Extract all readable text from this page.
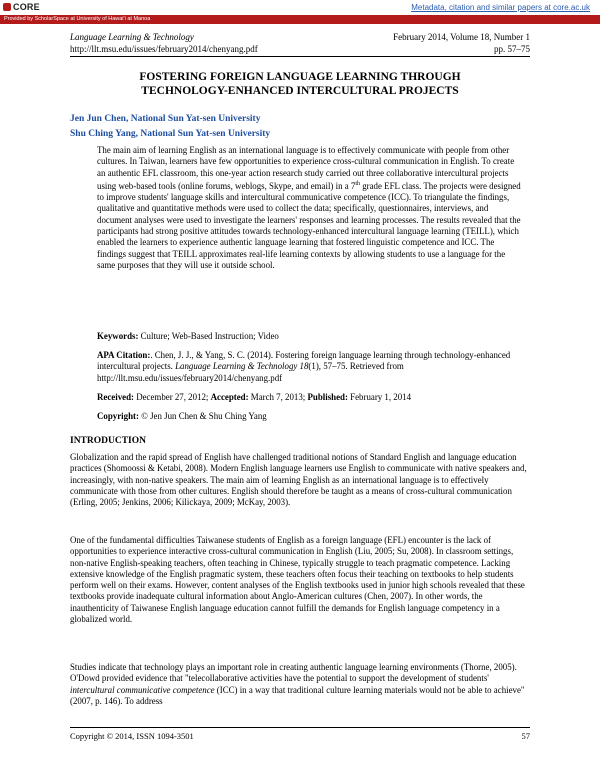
CORE	Metadata, citation and similar papers at core.ac.uk
Provided by ScholarSpace at University of Hawai'i at Manoa
Language Learning & Technology
http://llt.msu.edu/issues/february2014/chenyang.pdf
February 2014, Volume 18, Number 1
pp. 57–75
FOSTERING FOREIGN LANGUAGE LEARNING THROUGH
TECHNOLOGY-ENHANCED INTERCULTURAL PROJECTS
Jen Jun Chen, National Sun Yat-sen University
Shu Ching Yang, National Sun Yat-sen University
The main aim of learning English as an international language is to effectively communicate with people from other cultures. In Taiwan, learners have few opportunities to experience cross-cultural communication in English. To create an authentic EFL classroom, this one-year action research study carried out three collaborative intercultural projects using web-based tools (online forums, weblogs, Skype, and email) in a 7th grade EFL class. The projects were designed to improve students' language skills and intercultural communicative competence (ICC). To triangulate the findings, qualitative and quantitative methods were used to collect the data; specifically, questionnaires, interviews, and document analyses were used to investigate the learners' responses and learning processes. The results revealed that the participants had strong positive attitudes towards technology-enhanced intercultural language learning (TEILL), which enabled the learners to experience authentic language learning that fostered linguistic competence and ICC. The findings suggest that TEILL approximates real-life learning contexts by allowing students to use a language for the same purposes that they will use it outside school.
Keywords: Culture; Web-Based Instruction; Video
APA Citation:. Chen, J. J., & Yang, S. C. (2014). Fostering foreign language learning through technology-enhanced intercultural projects. Language Learning & Technology 18(1), 57–75. Retrieved from http://llt.msu.edu/issues/february2014/chenyang.pdf
Received: December 27, 2012; Accepted: March 7, 2013; Published: February 1, 2014
Copyright: © Jen Jun Chen & Shu Ching Yang
INTRODUCTION
Globalization and the rapid spread of English have challenged traditional notions of Standard English and language education practices (Shomoossi & Ketabi, 2008). Modern English language learners use English to communicate with native speakers and, increasingly, with non-native speakers. The main aim of learning English as an international language is to effectively communicate with those from other cultures. English should therefore be taught as a means of cross-cultural communication (Erling, 2005; Jenkins, 2006; Kilickaya, 2009; McKay, 2003).
One of the fundamental difficulties Taiwanese students of English as a foreign language (EFL) encounter is the lack of opportunities to experience interactive cross-cultural communication in English (Liu, 2005; Su, 2008). In classroom settings, non-native English-speaking teachers, often teaching in Chinese, typically struggle to teach pragmatic competence. Lacking extensive knowledge of the English pragmatic system, these teachers often focus their teaching on textbooks to help students perform well on their exams. However, content analyses of the English textbooks used in junior high schools revealed that these textbooks provide inadequate cultural information about Anglo-American cultures (Chen, 2007). In other words, the inauthenticity of Taiwanese English language education cannot fulfill the demands for English language competency in a globalized world.
Studies indicate that technology plays an important role in creating authentic language learning environments (Thorne, 2005). O'Dowd provided evidence that "telecollaborative activities have the potential to support the development of students' intercultural communicative competence (ICC) in a way that traditional culture learning materials would not be able to achieve" (2007, p. 146). To address
Copyright © 2014, ISSN 1094-3501	57
